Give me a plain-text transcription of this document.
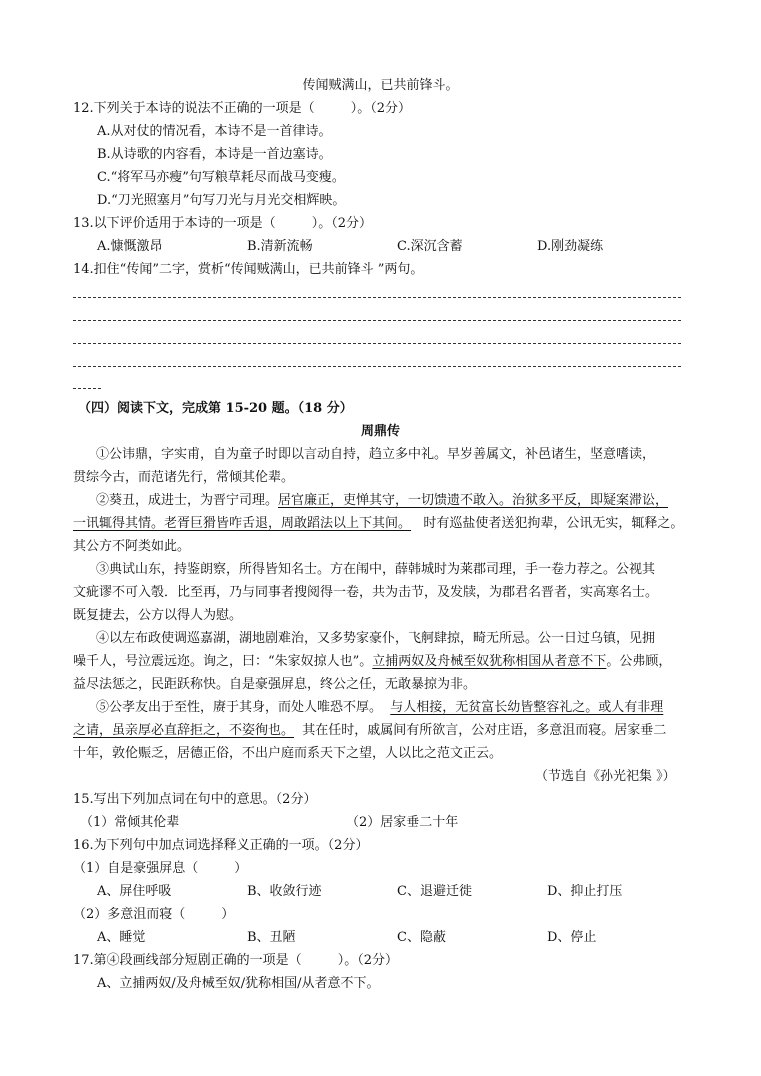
传闻贼满山，已共前锋斗。
12.下列关于本诗的说法不正确的一项是（	）。（2分）
A.从对仗的情况看，本诗不是一首律诗。
B.从诗歌的内容看，本诗是一首边塞诗。
C.“将军马亦瘦”句写粮草耗尽而战马变瘦。
D.“刀光照塞月”句写刀光与月光交相辉映。
13.以下评价适用于本诗的一项是（	）。（2分）
A.慷慨激昂	B.清新流畅	C.深沉含蓄	D.刚劲凝练
14.扣住“传闻”二字，赏析“传闻贼满山，已共前锋斗 ”两句。
（四）阅读下文，完成第 15-20 题。（18 分）
周鼎传
①公讳鼎，字实甫，自为童子时即以言动自持，趋立多中礼。早岁善属文，补邑诸生，坚意嗜读，
贯综今古，而范诸先行，常倾其伦辈。
②葵丑，成进士，为晋宁司理。居官廉正，吏惮其守，一切馈遗不敢入。治狱多平反，即疑案滞讼，
一讯辄得其情。老胥巨猾皆咋舌退，周敢蹈法以上下其间。 时有巡盐使者送犯拘辈，公讯无实，辄释之。
其公方不阿类如此。
③典试山东，持鉴朗察，所得皆知名士。方在闱中，薛韩城时为莱郡司理，手一卷力荐之。公视其
文疵谬不可入彀．比至再，乃与同事者搜阅得一卷，共为击节，及发牍，为郡君名晋者，实高寒名士。
既复捷去，公方以得人为慰。
④以左布政使调巡嘉湖，湖地剧难治，又多势家豪仆，飞舸肆掠，畸无所忌。公一日过乌镇，见拥
噪千人，号泣震远迩。询之，曰：“朱家奴掠人也”。立捕两奴及舟械至奴犹称相国从者意不下。公弗顾，
益尽法惩之，民距跃称快。自是豪强屏息，终公之任，无敢暴掠为非。
⑤公孝友出于至性，赓于其身，而处人唯恐不厚。 与人相接，无贫富长幼皆整容礼之。或人有非理
之请，虽亲厚必直辞拒之，不姿徇也。 其在任时，戚属间有所欲言，公对庄语，多意沮而寝。居家垂二
十年，敦伦赈乏，居德正俗，不出户庭而系天下之望，人以比之范文正云。
（节选自《孙光祀集 》）
15.写出下列加点词在句中的意思。（2分）
（1）常倾其伦辈	（2）居家垂二十年
16.为下列句中加点词选择释义正确的一项。（2分）
（1）自是豪强屏息（	）
A、屏住呼吸	B、收敛行迹	C、退避迁徙	D、抑止打压
（2）多意沮而寝（	）
A、睡觉	B、丑陋	C、隐蔽	D、停止
17.第④段画线部分短剧正确的一项是（	）。（2分）
A、立捕两奴/及舟械至奴/犹称相国/从者意不下。
